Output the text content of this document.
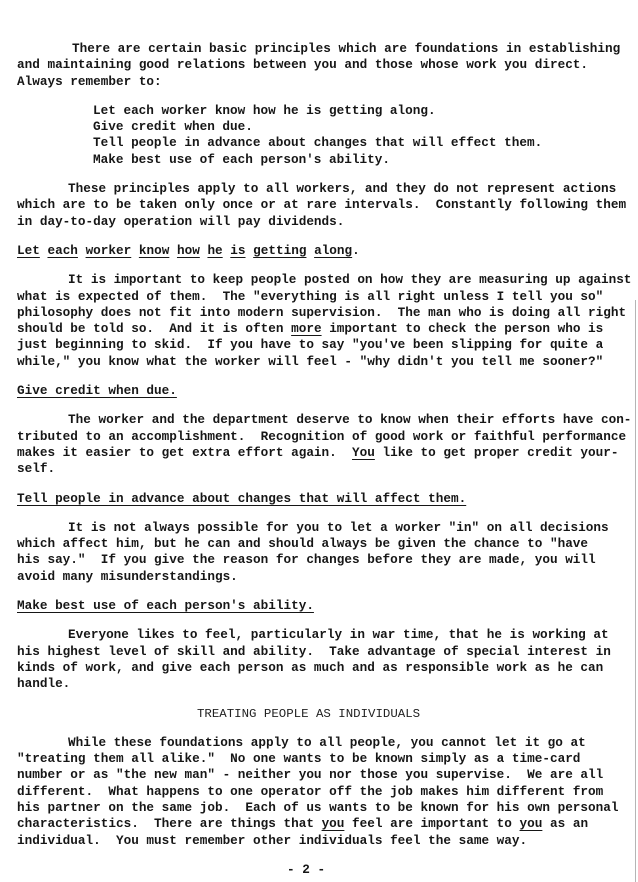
There are certain basic principles which are foundations in establishing
and maintaining good relations between you and those whose work you direct.
Always remember to:
Let each worker know how he is getting along.
Give credit when due.
Tell people in advance about changes that will effect them.
Make best use of each person's ability.
These principles apply to all workers, and they do not represent actions
which are to be taken only once or at rare intervals.  Constantly following them
in day-to-day operation will pay dividends.
Let each worker know how he is getting along.
It is important to keep people posted on how they are measuring up against
what is expected of them.  The "everything is all right unless I tell you so"
philosophy does not fit into modern supervision.  The man who is doing all right
should be told so.  And it is often more important to check the person who is
just beginning to skid.  If you have to say "you've been slipping for quite a
while," you know what the worker will feel - "why didn't you tell me sooner?"
Give credit when due.
The worker and the department deserve to know when their efforts have con-
tributed to an accomplishment.  Recognition of good work or faithful performance
makes it easier to get extra effort again.  You like to get proper credit your-
self.
Tell people in advance about changes that will affect them.
It is not always possible for you to let a worker "in" on all decisions
which affect him, but he can and should always be given the chance to "have
his say."  If you give the reason for changes before they are made, you will
avoid many misunderstandings.
Make best use of each person's ability.
Everyone likes to feel, particularly in war time, that he is working at
his highest level of skill and ability.  Take advantage of special interest in
kinds of work, and give each person as much and as responsible work as he can
handle.
TREATING PEOPLE AS INDIVIDUALS
While these foundations apply to all people, you cannot let it go at
"treating them all alike."  No one wants to be known simply as a time-card
number or as "the new man" - neither you nor those you supervise.  We are all
different.  What happens to one operator off the job makes him different from
his partner on the same job.  Each of us wants to be known for his own personal
characteristics.  There are things that you feel are important to you as an
individual.  You must remember other individuals feel the same way.
- 2 -
